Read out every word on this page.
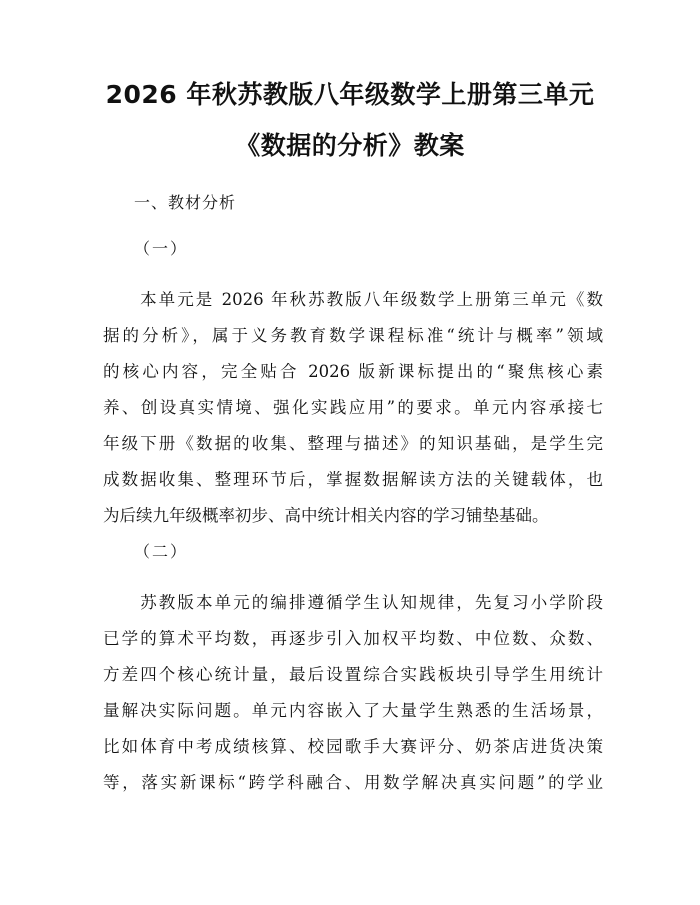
2026 年秋苏教版八年级数学上册第三单元
《数据的分析》教案
一、教材分析
（一）
　　本单元是 2026 年秋苏教版八年级数学上册第三单元《数
据的分析》，属于义务教育数学课程标准“统计与概率”领域
的核心内容，完全贴合 2026 版新课标提出的“聚焦核心素
养、创设真实情境、强化实践应用”的要求。单元内容承接七
年级下册《数据的收集、整理与描述》的知识基础，是学生完
成数据收集、整理环节后，掌握数据解读方法的关键载体，也
为后续九年级概率初步、高中统计相关内容的学习铺垫基础。
（二）
　　苏教版本单元的编排遵循学生认知规律，先复习小学阶段
已学的算术平均数，再逐步引入加权平均数、中位数、众数、
方差四个核心统计量，最后设置综合实践板块引导学生用统计
量解决实际问题。单元内容嵌入了大量学生熟悉的生活场景，
比如体育中考成绩核算、校园歌手大赛评分、奶茶店进货决策
等，落实新课标“跨学科融合、用数学解决真实问题”的学业
